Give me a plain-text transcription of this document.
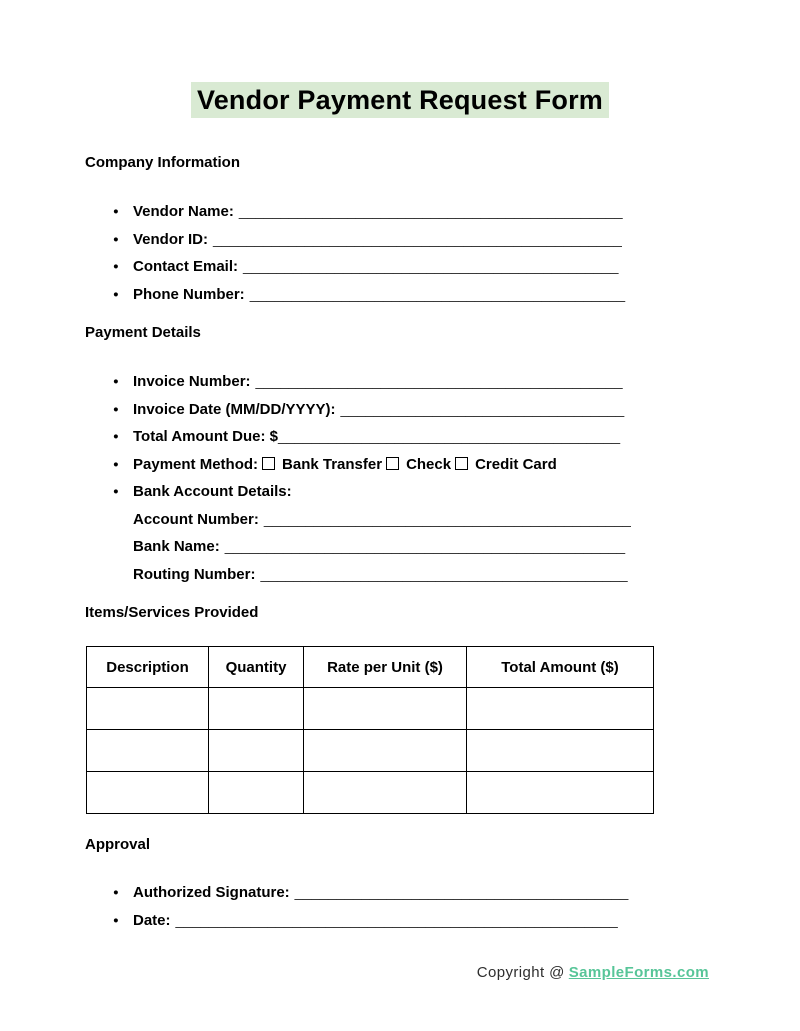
Vendor Payment Request Form
Company Information
● Vendor Name: ______________________________________________
● Vendor ID: _________________________________________________
● Contact Email: _____________________________________________
● Phone Number: _____________________________________________
Payment Details
● Invoice Number: ____________________________________________
● Invoice Date (MM/DD/YYYY): __________________________________
● Total Amount Due: $_________________________________________
● Payment Method: Bank Transfer Check Credit Card
● Bank Account Details:
Account Number: ____________________________________________
Bank Name: ________________________________________________
Routing Number: ____________________________________________
Items/Services Provided
Description	Quantity	Rate per Unit ($)	Total Amount ($)

Approval
● Authorized Signature: ________________________________________
● Date: _____________________________________________________
Copyright @ SampleForms.com
